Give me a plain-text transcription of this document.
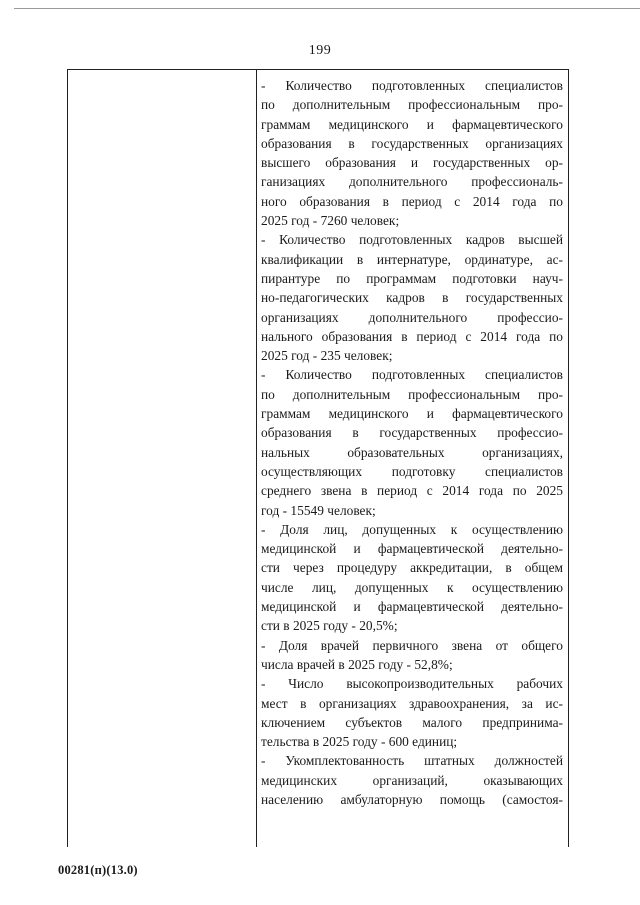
199
- Количество подготовленных специалистов
по дополнительным профессиональным про-
граммам медицинского и фармацевтического
образования в государственных организациях
высшего образования и государственных ор-
ганизациях дополнительного профессиональ-
ного образования в период с 2014 года по
2025 год - 7260 человек;
- Количество подготовленных кадров высшей
квалификации в интернатуре, ординатуре, ас-
пирантуре по программам подготовки науч-
но-педагогических кадров в государственных
организациях дополнительного профессио-
нального образования в период с 2014 года по
2025 год - 235 человек;
- Количество подготовленных специалистов
по дополнительным профессиональным про-
граммам медицинского и фармацевтического
образования в государственных профессио-
нальных образовательных организациях,
осуществляющих подготовку специалистов
среднего звена в период с 2014 года по 2025
год - 15549 человек;
- Доля лиц, допущенных к осуществлению
медицинской и фармацевтической деятельно-
сти через процедуру аккредитации, в общем
числе лиц, допущенных к осуществлению
медицинской и фармацевтической деятельно-
сти в 2025 году - 20,5%;
- Доля врачей первичного звена от общего
числа врачей в 2025 году - 52,8%;
- Число высокопроизводительных рабочих
мест в организациях здравоохранения, за ис-
ключением субъектов малого предпринима-
тельства в 2025 году - 600 единиц;
- Укомплектованность штатных должностей
медицинских организаций, оказывающих
населению амбулаторную помощь (самостоя-
00281(п)(13.0)
